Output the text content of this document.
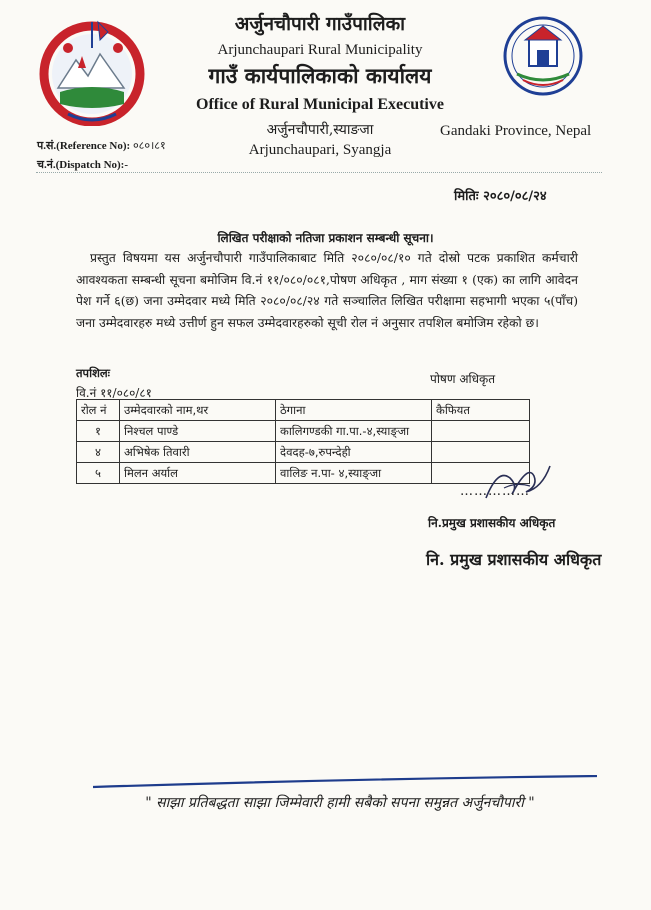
अर्जुनचौपारी गाउँपालिका
Arjunchaupari Rural Municipality
गाउँ कार्यपालिकाको कार्यालय
Office of Rural Municipal Executive
अर्जुनचौपारी,स्याङजा
Arjunchaupari, Syangja
Gandaki Province, Nepal
प.सं.(Reference No): ०८०।८१
च.नं.(Dispatch No):-
मितिः २०८०/०८/२४
लिखित परीक्षाको नतिजा प्रकाशन सम्बन्धी सूचना।

प्रस्तुत विषयमा यस अर्जुनचौपारी गाउँपालिकाबाट मिति २०८०/०८/१० गते दोस्रो पटक प्रकाशित कर्मचारी आवश्यकता सम्बन्धी सूचना बमोजिम वि.नं ११/०८०/०८१,पोषण अधिकृत , माग संख्या १ (एक) का लागि आवेदन पेश गर्ने ६(छ) जना उम्मेदवार मध्ये मिति २०८०/०८/२४ गते सञ्चालित लिखित परीक्षामा सहभागी भएका ५(पाँच) जना उम्मेदवारहरु मध्ये उत्तीर्ण हुन सफल उम्मेदवारहरुको सूची रोल नं अनुसार तपशिल बमोजिम रहेको छ।

तपशिलः
वि.नं ११/०८०/८१
पोषण अधिकृत
रोल नं	उम्मेदवारको नाम,थर	ठेगाना	कैफियत
१	निश्चल पाण्डे	कालिगण्डकी गा.पा.-४,स्याङ्जा	
४	अभिषेक तिवारी	देवदह-७,रुपन्देही	
५	मिलन अर्याल	वालिङ न.पा- ४,स्याङ्जा	
……………
नि.प्रमुख प्रशासकीय अधिकृत
नि. प्रमुख प्रशासकीय अधिकृत
" साझा प्रतिबद्धता साझा जिम्मेवारी हामी सबैको सपना समुन्नत अर्जुनचौपारी "
